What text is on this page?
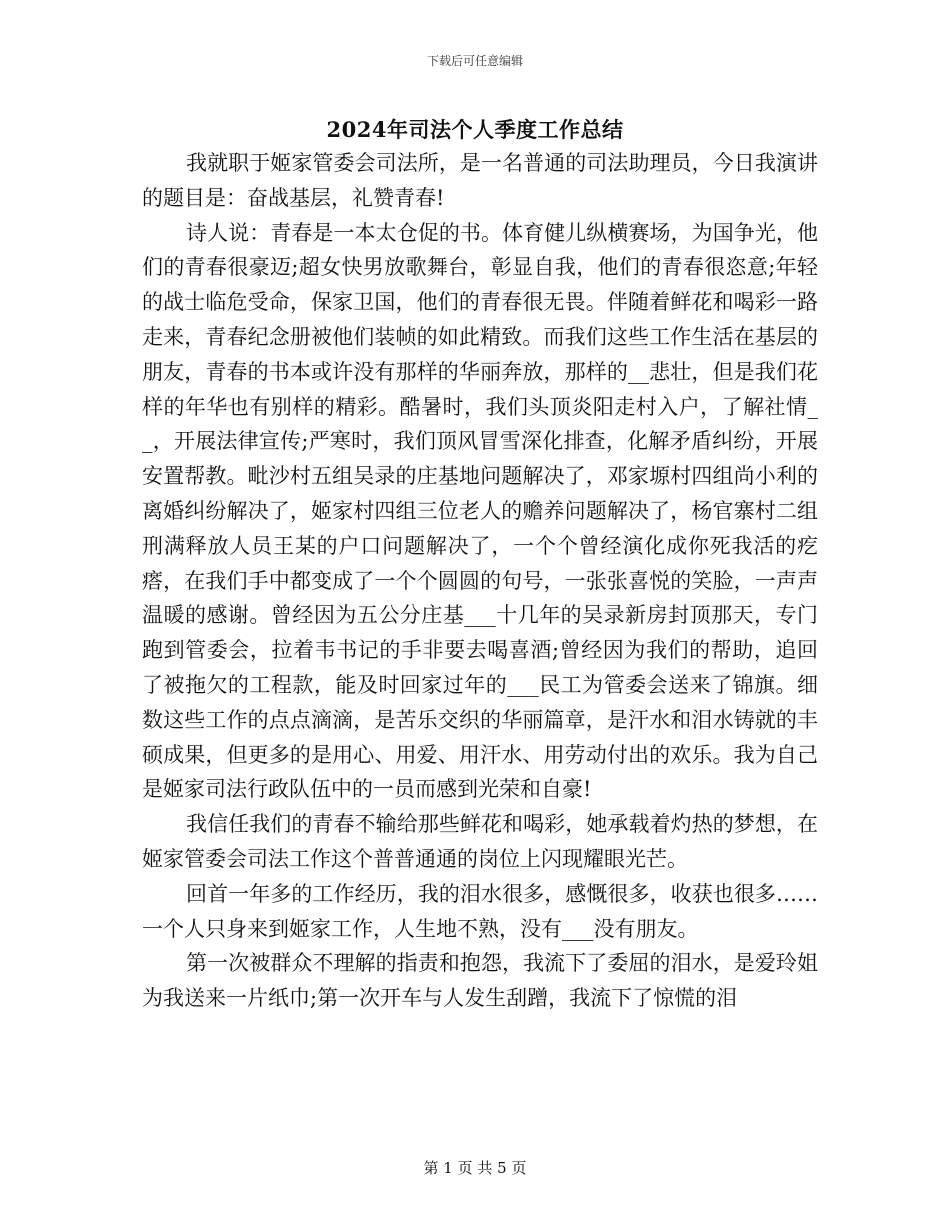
下载后可任意编辑
2024年司法个人季度工作总结

我就职于姬家管委会司法所，是一名普通的司法助理员，今日我演讲的题目是：奋战基层，礼赞青春!

诗人说：青春是一本太仓促的书。体育健儿纵横赛场，为国争光，他们的青春很豪迈;超女快男放歌舞台，彰显自我，他们的青春很恣意;年轻的战士临危受命，保家卫国，他们的青春很无畏。伴随着鲜花和喝彩一路走来，青春纪念册被他们装帧的如此精致。而我们这些工作生活在基层的朋友，青春的书本或许没有那样的华丽奔放，那样的__悲壮，但是我们花样的年华也有别样的精彩。酷暑时，我们头顶炎阳走村入户，了解社情__，开展法律宣传;严寒时，我们顶风冒雪深化排查，化解矛盾纠纷，开展安置帮教。毗沙村五组吴录的庄基地问题解决了，邓家塬村四组尚小利的离婚纠纷解决了，姬家村四组三位老人的赡养问题解决了，杨官寨村二组刑满释放人员王某的户口问题解决了，一个个曾经演化成你死我活的疙瘩，在我们手中都变成了一个个圆圆的句号，一张张喜悦的笑脸，一声声温暖的感谢。曾经因为五公分庄基___十几年的吴录新房封顶那天，专门跑到管委会，拉着韦书记的手非要去喝喜酒;曾经因为我们的帮助，追回了被拖欠的工程款，能及时回家过年的___民工为管委会送来了锦旗。细数这些工作的点点滴滴，是苦乐交织的华丽篇章，是汗水和泪水铸就的丰硕成果，但更多的是用心、用爱、用汗水、用劳动付出的欢乐。我为自己是姬家司法行政队伍中的一员而感到光荣和自豪!

我信任我们的青春不输给那些鲜花和喝彩，她承载着灼热的梦想，在姬家管委会司法工作这个普普通通的岗位上闪现耀眼光芒。

回首一年多的工作经历，我的泪水很多，感慨很多，收获也很多……一个人只身来到姬家工作，人生地不熟，没有___没有朋友。

第一次被群众不理解的指责和抱怨，我流下了委屈的泪水，是爱玲姐为我送来一片纸巾;第一次开车与人发生刮蹭，我流下了惊慌的泪

第 1 页 共 5 页
